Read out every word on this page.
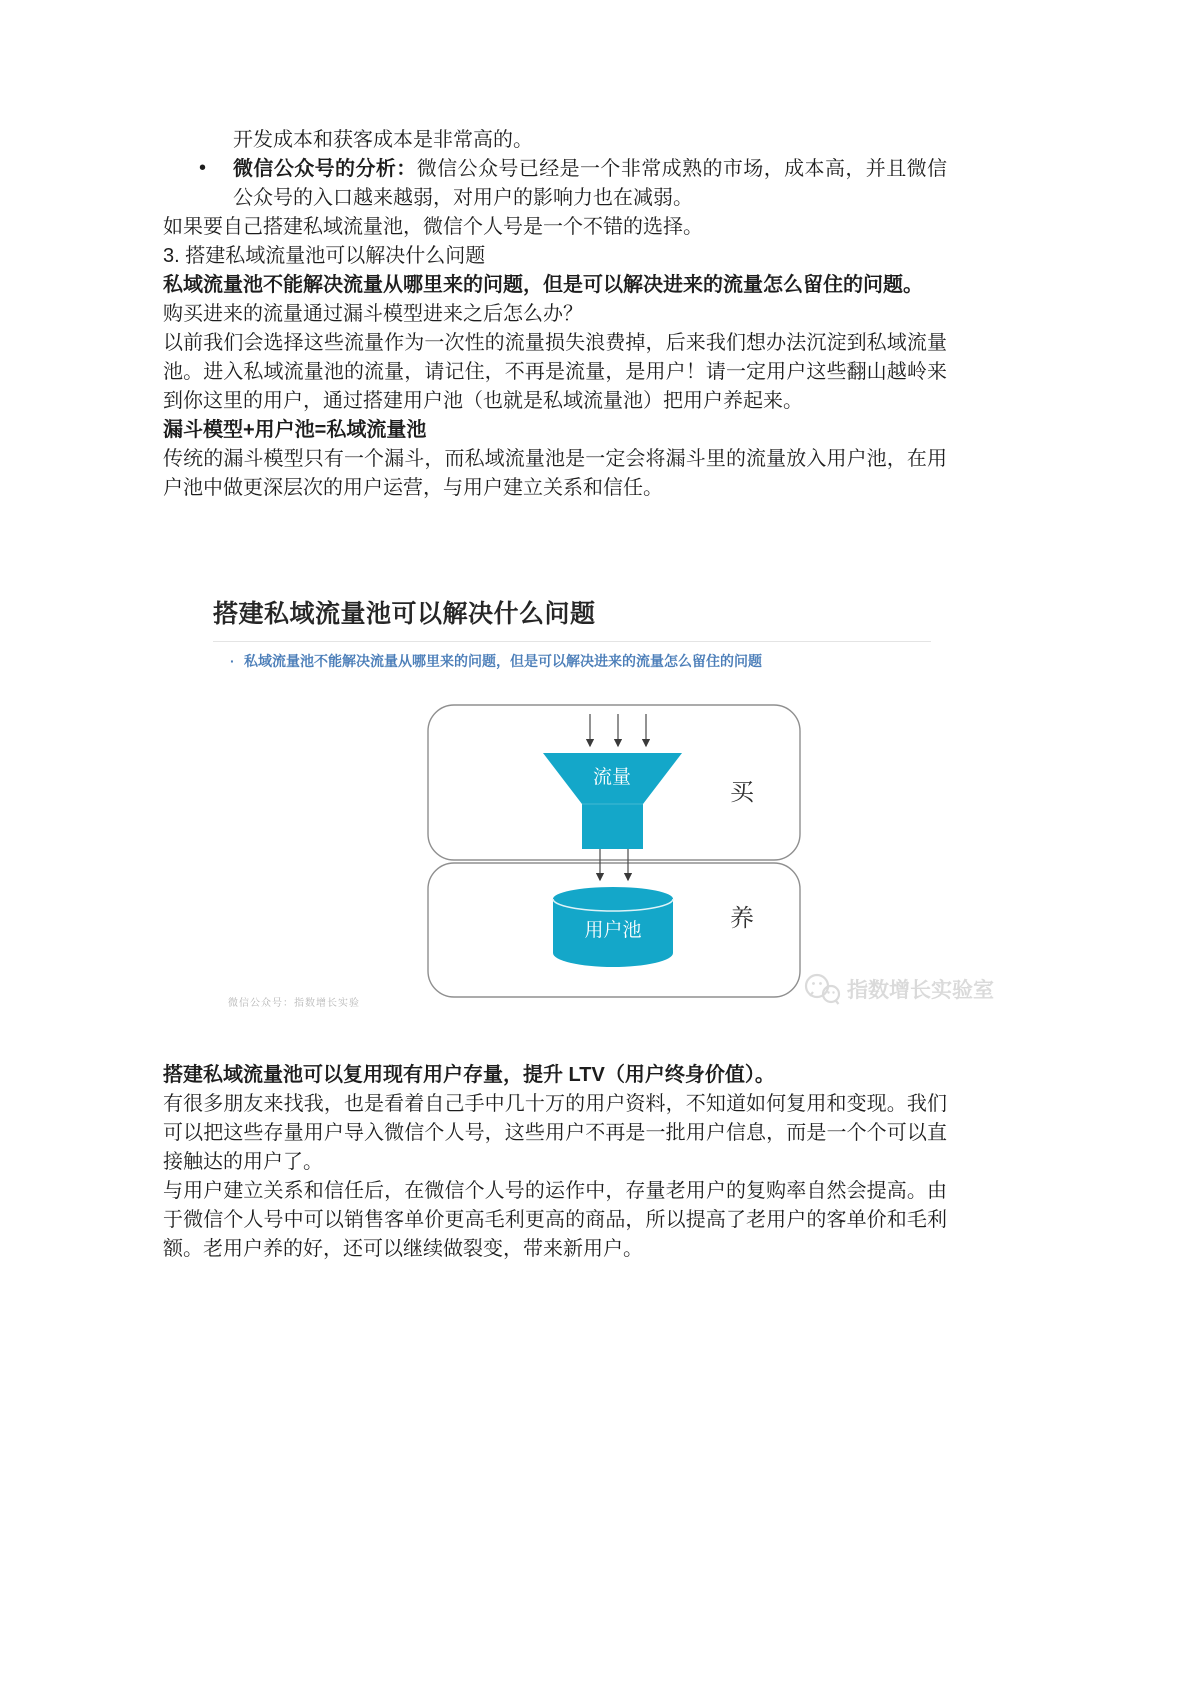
开发成本和获客成本是非常高的。

• 微信公众号的分析：微信公众号已经是一个非常成熟的市场，成本高，并且微信公众号的入口越来越弱，对用户的影响力也在减弱。

如果要自己搭建私域流量池，微信个人号是一个不错的选择。

3. 搭建私域流量池可以解决什么问题

私域流量池不能解决流量从哪里来的问题，但是可以解决进来的流量怎么留住的问题。

购买进来的流量通过漏斗模型进来之后怎么办？

以前我们会选择这些流量作为一次性的流量损失浪费掉，后来我们想办法沉淀到私域流量池。进入私域流量池的流量，请记住，不再是流量，是用户！请一定用户这些翻山越岭来到你这里的用户，通过搭建用户池（也就是私域流量池）把用户养起来。

漏斗模型+用户池=私域流量池

传统的漏斗模型只有一个漏斗，而私域流量池是一定会将漏斗里的流量放入用户池，在用户池中做更深层次的用户运营，与用户建立关系和信任。

搭建私域流量池可以解决什么问题
· 私域流量池不能解决流量从哪里来的问题，但是可以解决进来的流量怎么留住的问题
流量
用户池
买
养
微信公众号：指数增长实验
指数增长实验室

搭建私域流量池可以复用现有用户存量，提升 LTV（用户终身价值）。

有很多朋友来找我，也是看着自己手中几十万的用户资料，不知道如何复用和变现。我们可以把这些存量用户导入微信个人号，这些用户不再是一批用户信息，而是一个个可以直接触达的用户了。

与用户建立关系和信任后，在微信个人号的运作中，存量老用户的复购率自然会提高。由于微信个人号中可以销售客单价更高毛利更高的商品，所以提高了老用户的客单价和毛利额。老用户养的好，还可以继续做裂变，带来新用户。
